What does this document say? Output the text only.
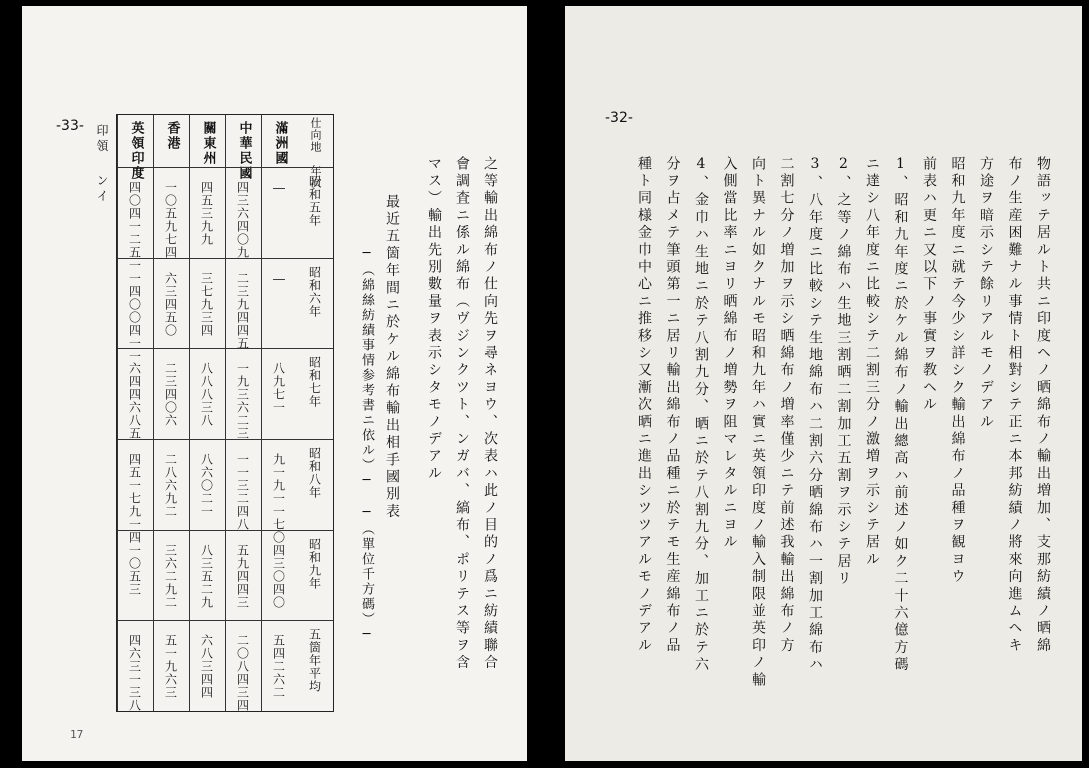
-33-
17
印領
ンイ
仕向地　年次
滿洲國
中華民國
關東州
香港
英領印度
昭和五年
―
四三六四〇九
四五三九九
一〇五九七四
四〇四一二五一
昭和六年
―
二三九四四五
三七九三四
六三四五〇
一四〇〇四一一
昭和七年
八九七一
一九三六二三
八八八三八
二三四〇六
六四四六八五
昭和八年
九一九一一七〇
一一三二四八
八六〇二一
二八六九二
四五一七九一四
昭和九年
四三〇四〇
五九四四三
八三五二九
三六二九二
一〇五三
五箇年平均
五四二六二
二〇八四三四
六八三四四
五一九六三
四六三一三八
之等輸出綿布ノ仕向先ヲ尋ネヨウ、次表ハ此ノ目的ノ爲ニ紡績聯合
會調査ニ係ル綿布（ヴジンクツト、ンガバ、縞布、ポリテス等ヲ含
マス）輸出先別數量ヲ表示シタモノデアル
最近五箇年間ニ於ケル綿布輸出相手國別表
─（綿絲紡績事情参考書ニ依ル）─　─（單位千方碼）─
-32-
物語ッテ居ルト共ニ印度ヘノ晒綿布ノ輸出増加、支那紡績ノ晒綿
布ノ生産困難ナル事情ト相對シテ正ニ本邦紡績ノ將來向進ムヘキ
方途ヲ暗示シテ餘リアルモノデアル
昭和九年度ニ就テ今少シ詳シク輸出綿布ノ品種ヲ観ヨウ
前表ハ更ニ又以下ノ事實ヲ教ヘル
1、昭和九年度ニ於ケル綿布ノ輸出總高ハ前述ノ如ク二十六億方碼
ニ達シ八年度ニ比較シテ二割三分ノ激増ヲ示シテ居ル
2、之等ノ綿布ハ生地三割晒二割加工五割ヲ示シテ居リ
3、八年度ニ比較シテ生地綿布ハ二割六分晒綿布ハ一割加工綿布ハ
二割七分ノ増加ヲ示シ晒綿布ノ増率僅少ニテ前述我輸出綿布ノ方
向ト異ナル如クナルモ昭和九年ハ實ニ英領印度ノ輸入制限並英印ノ輸
入側當比率ニヨリ晒綿布ノ増勢ヲ阻マレタルニヨル
4、金巾ハ生地ニ於テ八割九分、晒ニ於テ八割九分、加工ニ於テ六
分ヲ占メテ筆頭第一ニ居リ輸出綿布ノ品種ニ於テモ生産綿布ノ品
種ト同様金巾中心ニ推移シ又漸次晒ニ進出シツツアルモノデアル
